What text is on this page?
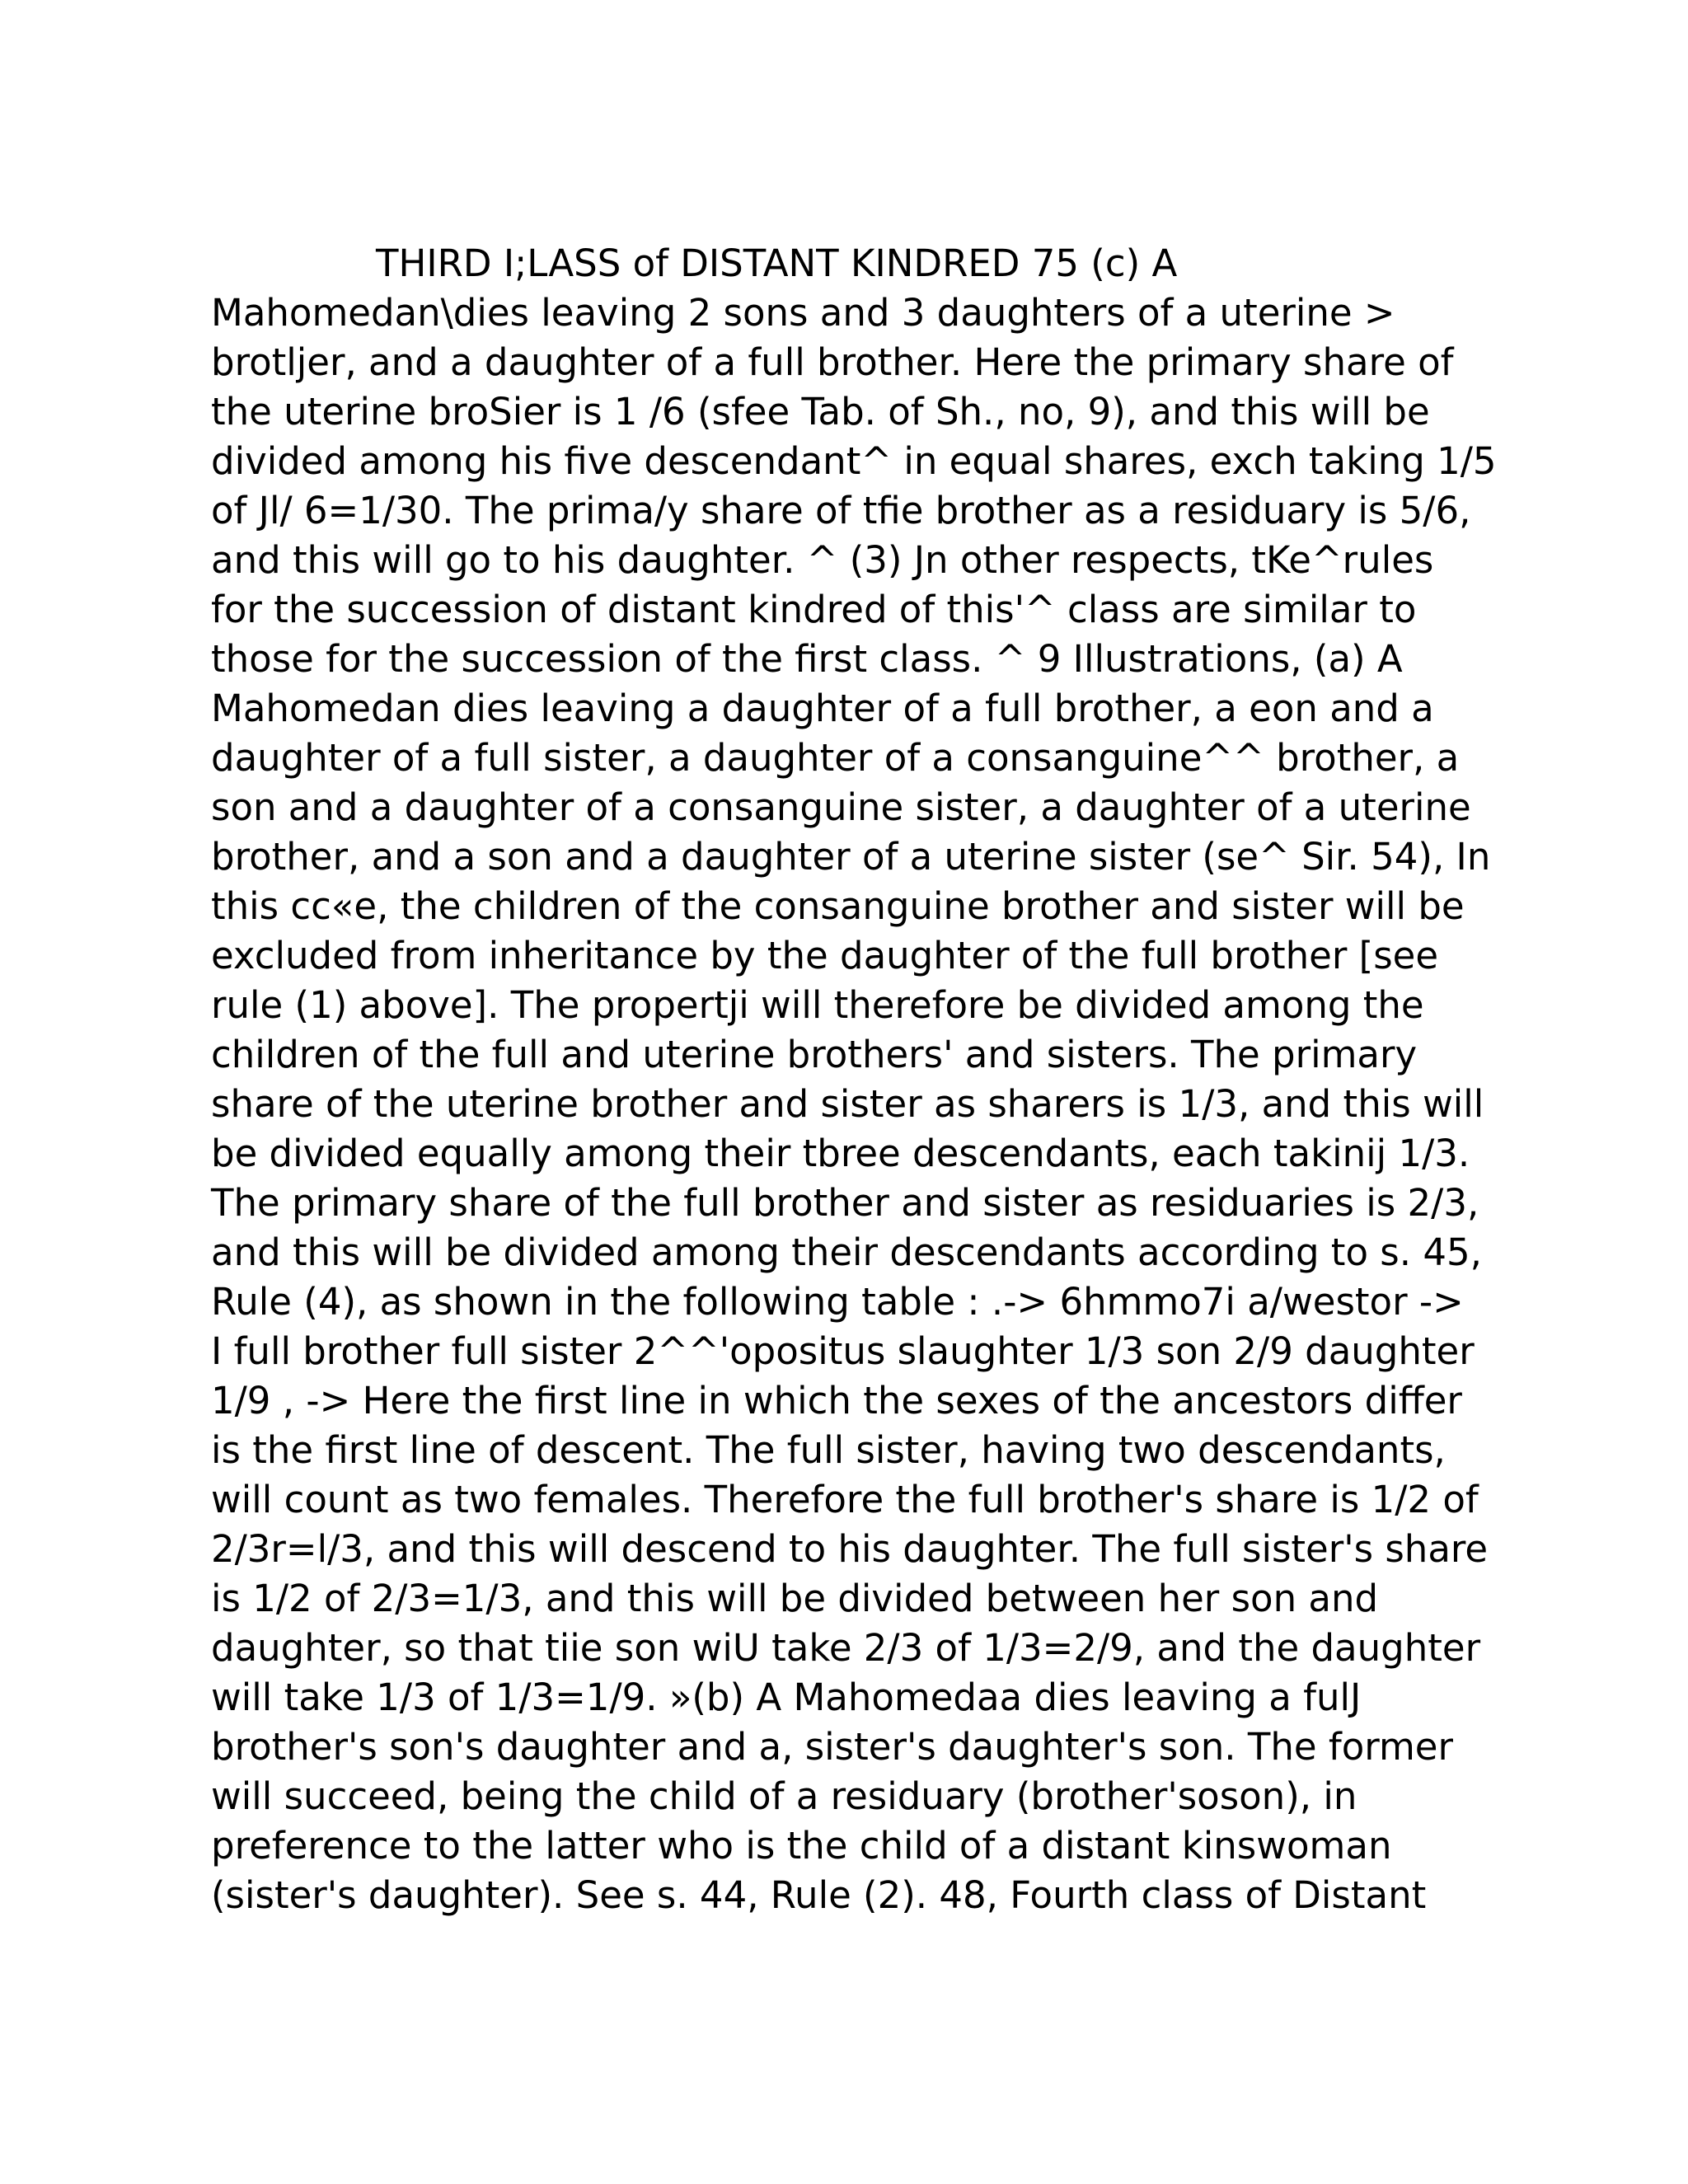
THIRD I;LASS of DISTANT KINDRED 75 (c) A
Mahomedan\dies leaving 2 sons and 3 daughters of a uterine >
brotljer, and a daughter of a full brother. Here the primary share of
the uterine broSier is 1 /6 (sfee Tab. of Sh., no, 9), and this will be
divided among his five descendant^ in equal shares, exch taking 1/5
of Jl/ 6=1/30. The prima/y share of tfie brother as a residuary is 5/6,
and this will go to his daughter. ^ (3) Jn other respects, tKe^rules
for the succession of distant kindred of this'^ class are similar to
those for the succession of the first class. ^ 9 Illustrations, (a) A
Mahomedan dies leaving a daughter of a full brother, a eon and a
daughter of a full sister, a daughter of a consanguine^^ brother, a
son and a daughter of a consanguine sister, a daughter of a uterine
brother, and a son and a daughter of a uterine sister (se^ Sir. 54), In
this cc«e, the children of the consanguine brother and sister will be
excluded from inheritance by the daughter of the full brother [see
rule (1) above]. The propertji will therefore be divided among the
children of the full and uterine brothers' and sisters. The primary
share of the uterine brother and sister as sharers is 1/3, and this will
be divided equally among their tbree descendants, each takinij 1/3.
The primary share of the full brother and sister as residuaries is 2/3,
and this will be divided among their descendants according to s. 45,
Rule (4), as shown in the following table : .-> 6hmmo7i a/westor ->
I full brother full sister 2^^'opositus slaughter 1/3 son 2/9 daughter
1/9 , -> Here the first line in which the sexes of the ancestors differ
is the first line of descent. The full sister, having two descendants,
will count as two females. Therefore the full brother's share is 1/2 of
2/3r=l/3, and this will descend to his daughter. The full sister's share
is 1/2 of 2/3=1/3, and this will be divided between her son and
daughter, so that tiie son wiU take 2/3 of 1/3=2/9, and the daughter
will take 1/3 of 1/3=1/9. »(b) A Mahomedaa dies leaving a fulJ
brother's son's daughter and a, sister's daughter's son. The former
will succeed, being the child of a residuary (brother'soson), in
preference to the latter who is the child of a distant kinswoman
(sister's daughter). See s. 44, Rule (2). 48, Fourth class of Distant
